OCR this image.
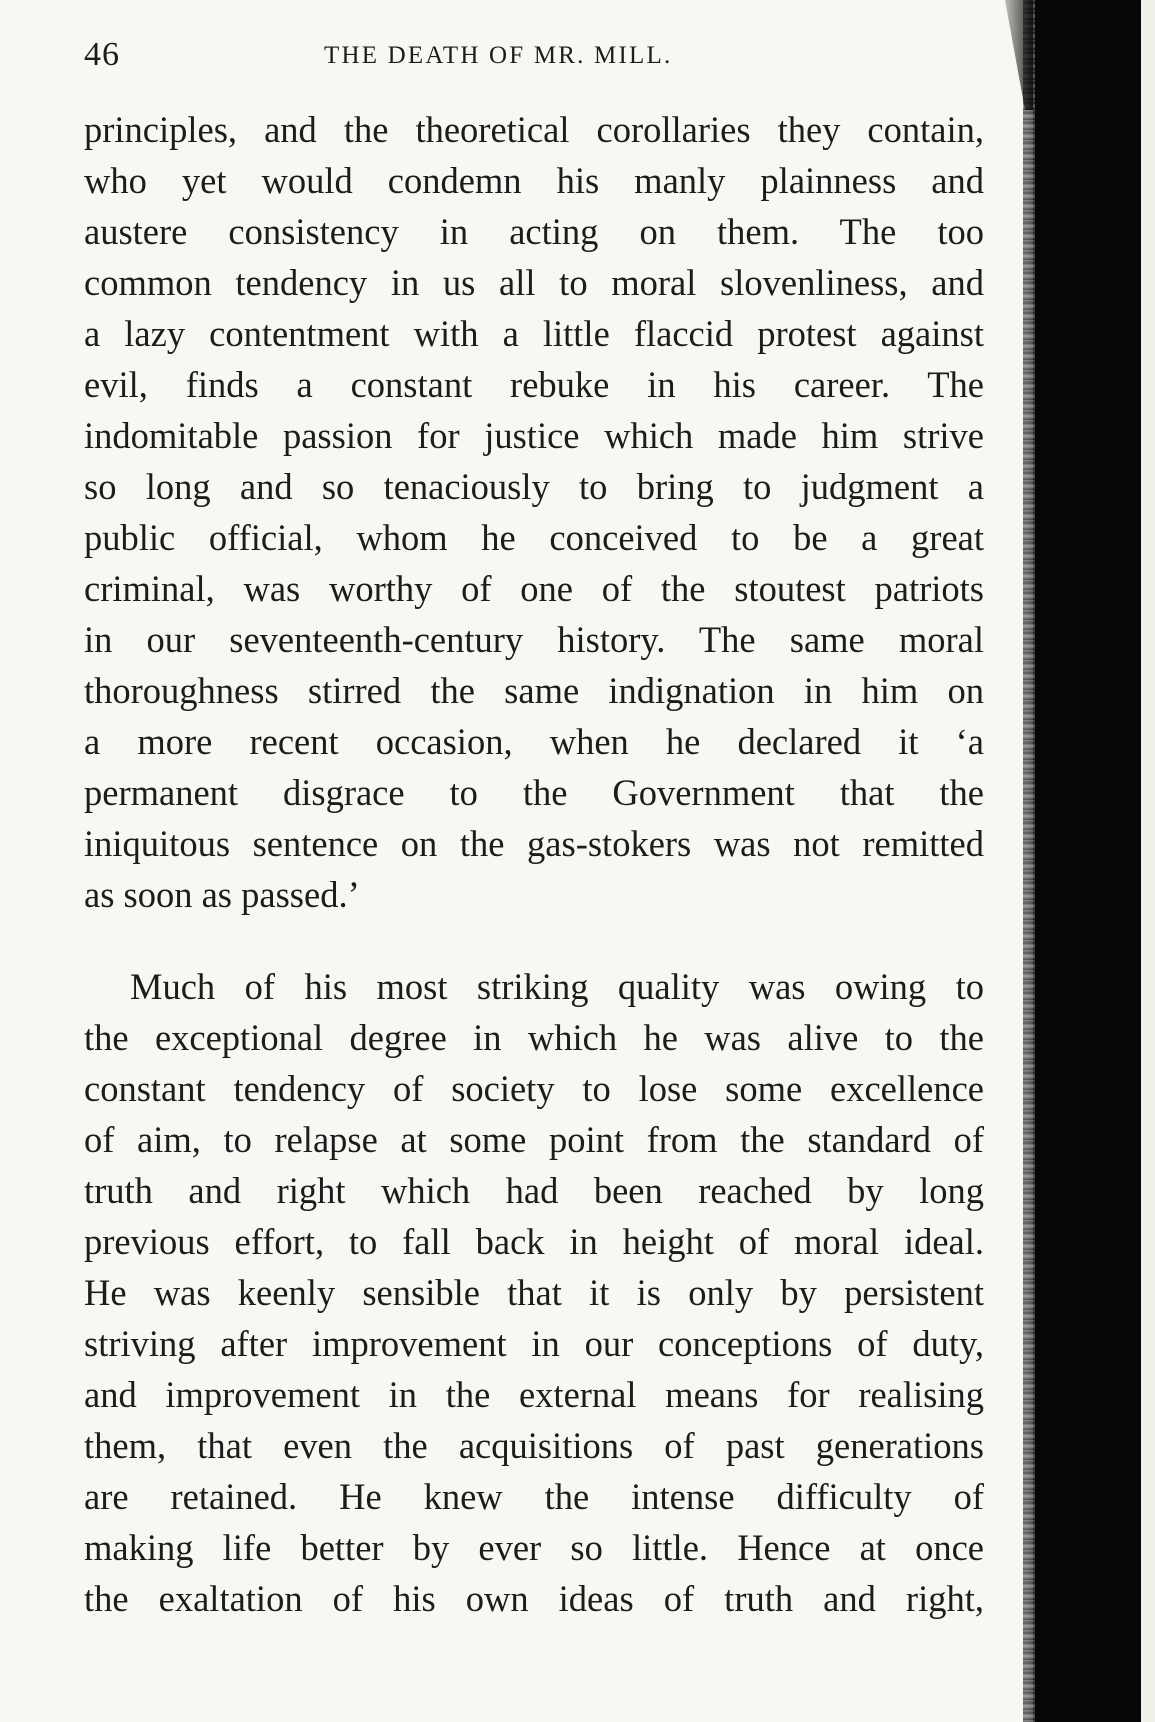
46	THE DEATH OF MR. MILL.
principles, and the theoretical corollaries they contain,
who yet would condemn his manly plainness and
austere consistency in acting on them. The too
common tendency in us all to moral slovenliness, and
a lazy contentment with a little flaccid protest against
evil, finds a constant rebuke in his career. The
indomitable passion for justice which made him strive
so long and so tenaciously to bring to judgment a
public official, whom he conceived to be a great
criminal, was worthy of one of the stoutest patriots
in our seventeenth-century history. The same moral
thoroughness stirred the same indignation in him on
a more recent occasion, when he declared it ‘a
permanent disgrace to the Government that the
iniquitous sentence on the gas-stokers was not remitted
as soon as passed.’
Much of his most striking quality was owing to
the exceptional degree in which he was alive to the
constant tendency of society to lose some excellence
of aim, to relapse at some point from the standard of
truth and right which had been reached by long
previous effort, to fall back in height of moral ideal.
He was keenly sensible that it is only by persistent
striving after improvement in our conceptions of duty,
and improvement in the external means for realising
them, that even the acquisitions of past generations
are retained. He knew the intense difficulty of
making life better by ever so little. Hence at once
the exaltation of his own ideas of truth and right,
